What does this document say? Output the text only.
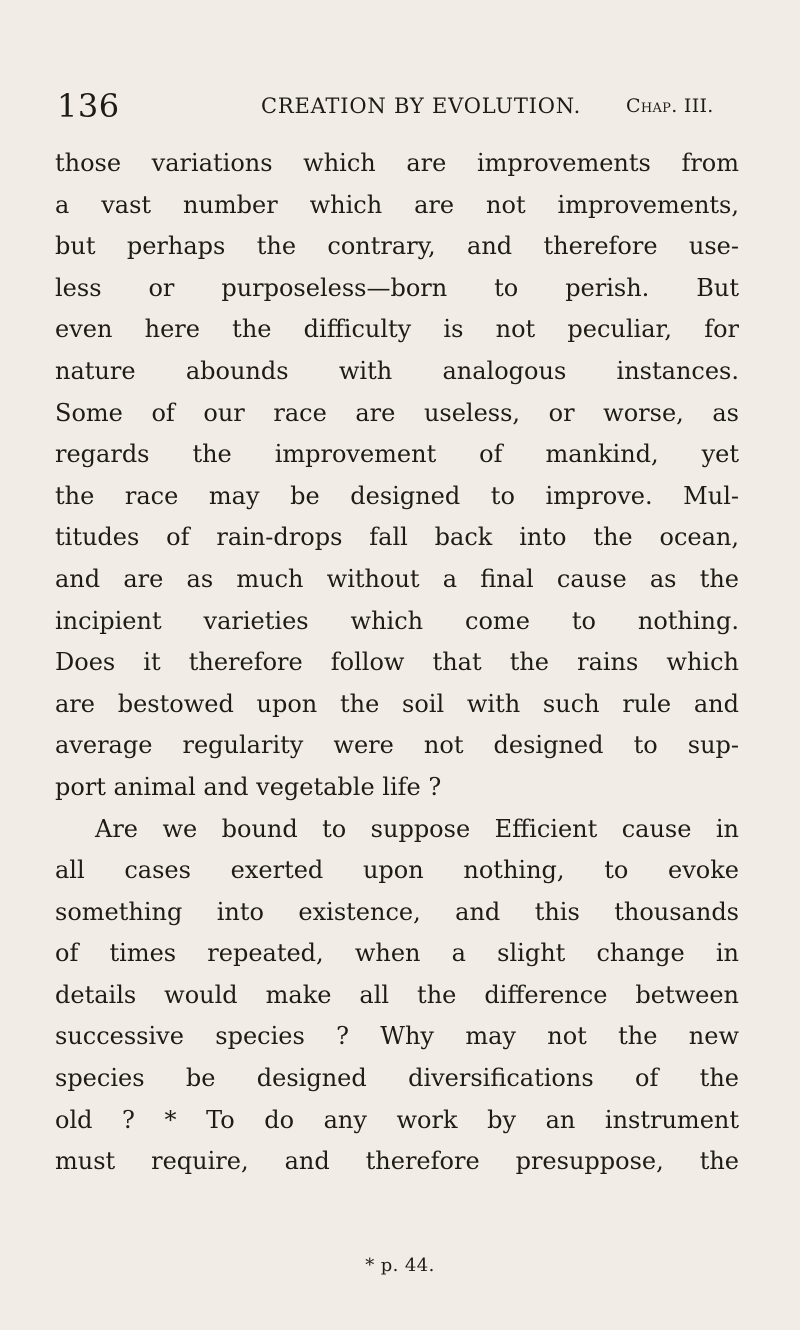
136	CREATION BY EVOLUTION. Chap. III.
those variations which are improvements from
a vast number which are not improvements,
but perhaps the contrary, and therefore use-
less or purposeless—born to perish. But
even here the difficulty is not peculiar, for
nature abounds with analogous instances.
Some of our race are useless, or worse, as
regards the improvement of mankind, yet
the race may be designed to improve. Mul-
titudes of rain-drops fall back into the ocean,
and are as much without a final cause as the
incipient varieties which come to nothing.
Does it therefore follow that the rains which
are bestowed upon the soil with such rule and
average regularity were not designed to sup-
port animal and vegetable life ?
Are we bound to suppose Efficient cause in
all cases exerted upon nothing, to evoke
something into existence, and this thousands
of times repeated, when a slight change in
details would make all the difference between
successive species ? Why may not the new
species be designed diversifications of the
old ? * To do any work by an instrument
must require, and therefore presuppose, the
* p. 44.
